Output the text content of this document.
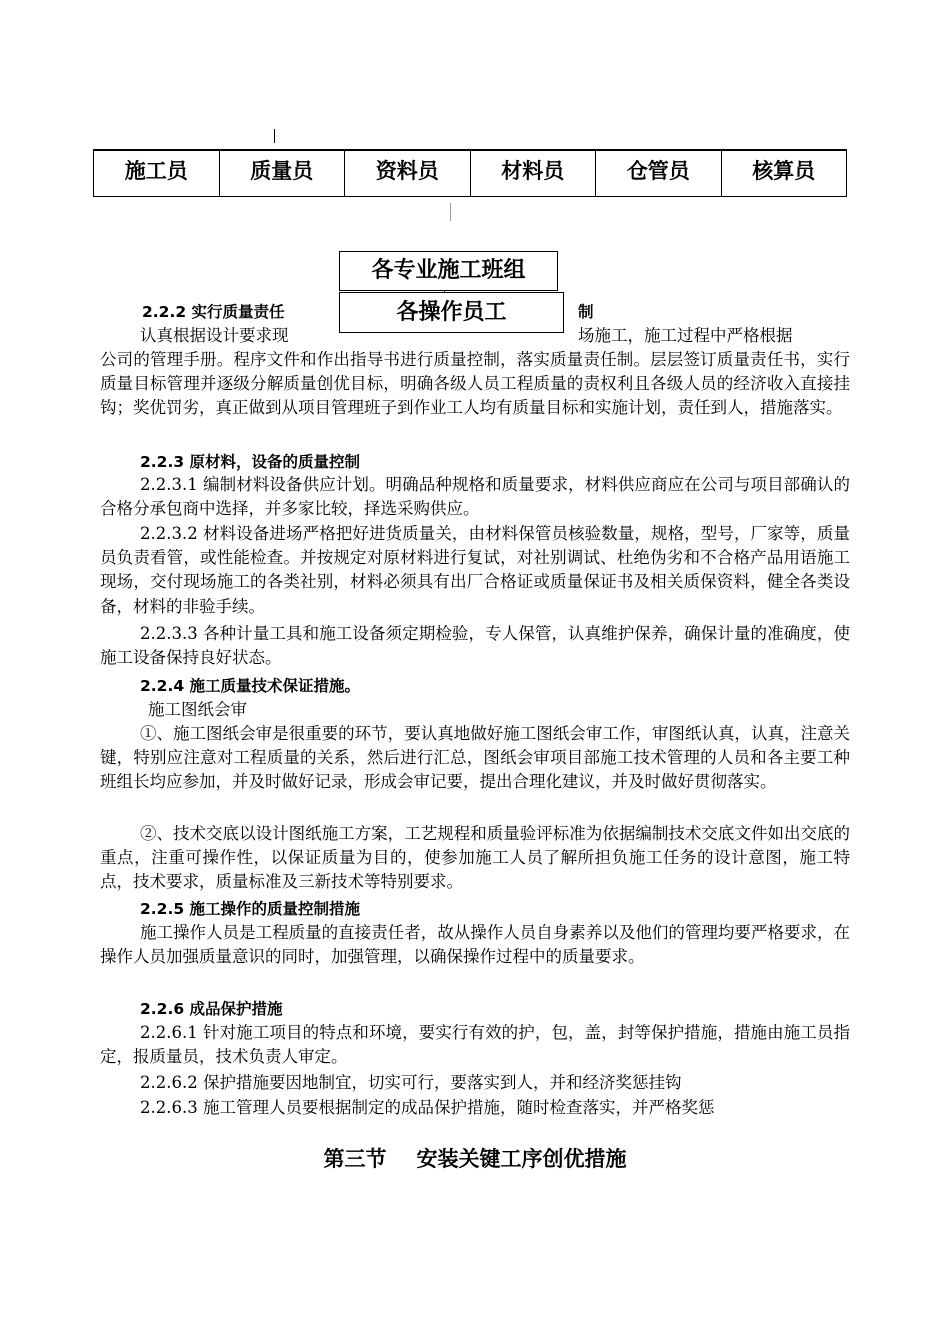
施工员	质量员	资料员	材料员	仓管员	核算员
各专业施工班组
各操作员工
2.2.2 实行质量责任	制
认真根据设计要求现	场施工，施工过程中严格根据
公司的管理手册。程序文件和作出指导书进行质量控制，落实质量责任制。层层签订质量责任书，实行质量目标管理并逐级分解质量创优目标，明确各级人员工程质量的责权利且各级人员的经济收入直接挂钩；奖优罚劣，真正做到从项目管理班子到作业工人均有质量目标和实施计划，责任到人，措施落实。
2.2.3 原材料，设备的质量控制
2.2.3.1 编制材料设备供应计划。明确品种规格和质量要求，材料供应商应在公司与项目部确认的合格分承包商中选择，并多家比较，择选采购供应。
2.2.3.2 材料设备进场严格把好进货质量关，由材料保管员核验数量，规格，型号，厂家等，质量员负责看管，或性能检查。并按规定对原材料进行复试，对社别调试、杜绝伪劣和不合格产品用语施工现场，交付现场施工的各类社别，材料必须具有出厂合格证或质量保证书及相关质保资料，健全各类设备，材料的非验手续。
2.2.3.3 各种计量工具和施工设备须定期检验，专人保管，认真维护保养，确保计量的准确度，使施工设备保持良好状态。
2.2.4 施工质量技术保证措施。
施工图纸会审
①、施工图纸会审是很重要的环节，要认真地做好施工图纸会审工作，审图纸认真，认真，注意关键，特别应注意对工程质量的关系，然后进行汇总，图纸会审项目部施工技术管理的人员和各主要工种班组长均应参加，并及时做好记录，形成会审记要，提出合理化建议，并及时做好贯彻落实。
②、技术交底以设计图纸施工方案，工艺规程和质量验评标准为依据编制技术交底文件如出交底的重点，注重可操作性，以保证质量为目的，使参加施工人员了解所担负施工任务的设计意图，施工特点，技术要求，质量标准及三新技术等特别要求。
2.2.5 施工操作的质量控制措施
施工操作人员是工程质量的直接责任者，故从操作人员自身素养以及他们的管理均要严格要求，在操作人员加强质量意识的同时，加强管理，以确保操作过程中的质量要求。
2.2.6 成品保护措施
2.2.6.1 针对施工项目的特点和环境，要实行有效的护，包，盖，封等保护措施，措施由施工员指定，报质量员，技术负责人审定。
2.2.6.2 保护措施要因地制宜，切实可行，要落实到人，并和经济奖惩挂钩
2.2.6.3 施工管理人员要根据制定的成品保护措施，随时检查落实，并严格奖惩
第三节 安装关键工序创优措施
